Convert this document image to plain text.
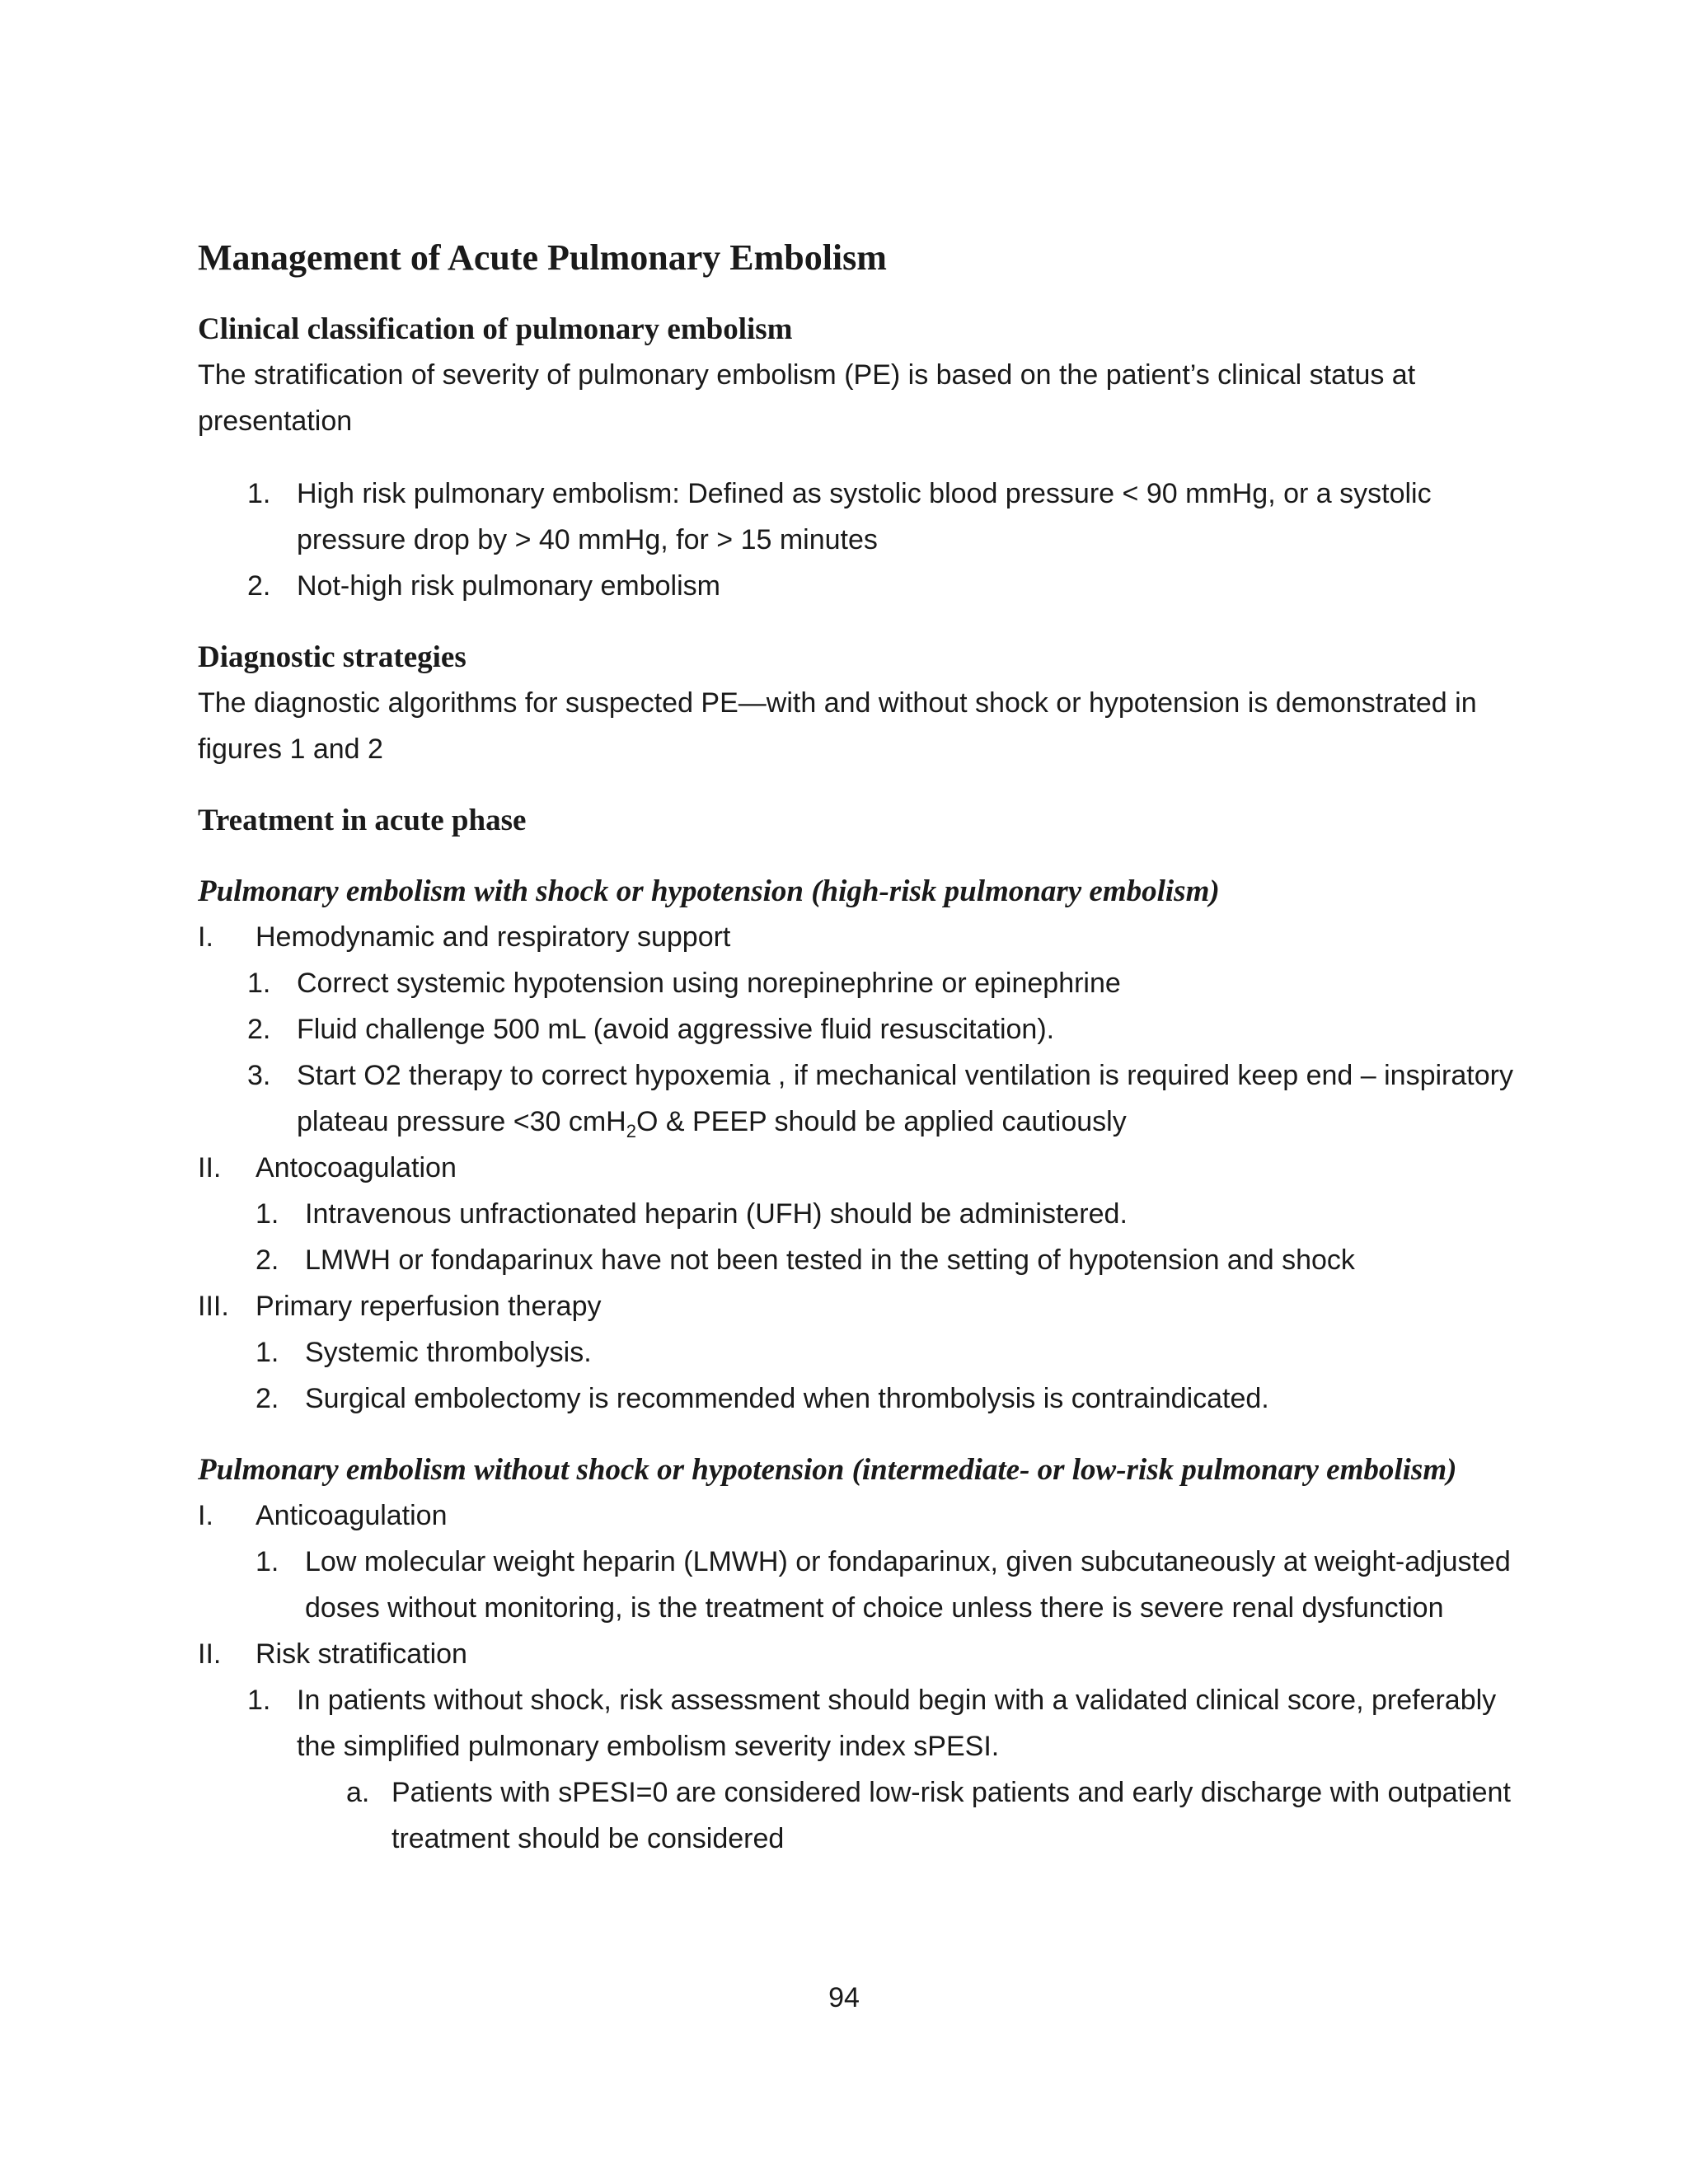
Management of Acute Pulmonary Embolism
Clinical classification of pulmonary embolism

The stratification of severity of pulmonary embolism (PE) is based on the patient’s clinical status at presentation

1. High risk pulmonary embolism: Defined as systolic blood pressure < 90 mmHg, or a systolic pressure drop by > 40 mmHg, for > 15 minutes
2. Not-high risk pulmonary embolism
Diagnostic strategies

The diagnostic algorithms for suspected PE—with and without shock or hypotension is demonstrated in figures 1 and 2

Treatment in acute phase
Pulmonary embolism with shock or hypotension (high-risk pulmonary embolism)
I. Hemodynamic and respiratory support
1. Correct systemic hypotension using norepinephrine or epinephrine
2. Fluid challenge 500 mL (avoid aggressive fluid resuscitation).
3. Start O2 therapy to correct hypoxemia , if mechanical ventilation is required keep end – inspiratory plateau pressure <30 cmH$_2$O & PEEP should be applied cautiously
II. Antocoagulation
1. Intravenous unfractionated heparin (UFH) should be administered.
2. LMWH or fondaparinux have not been tested in the setting of hypotension and shock
III. Primary reperfusion therapy
1. Systemic thrombolysis.
2. Surgical embolectomy is recommended when thrombolysis is contraindicated.
Pulmonary embolism without shock or hypotension (intermediate- or low-risk pulmonary embolism)
I. Anticoagulation
1. Low molecular weight heparin (LMWH) or fondaparinux, given subcutaneously at weight-adjusted doses without monitoring, is the treatment of choice unless there is severe renal dysfunction
II. Risk stratification
1. In patients without shock, risk assessment should begin with a validated clinical score, preferably the simplified pulmonary embolism severity index sPESI.
a. Patients with sPESI=0 are considered low-risk patients and early discharge with outpatient treatment should be considered
94
